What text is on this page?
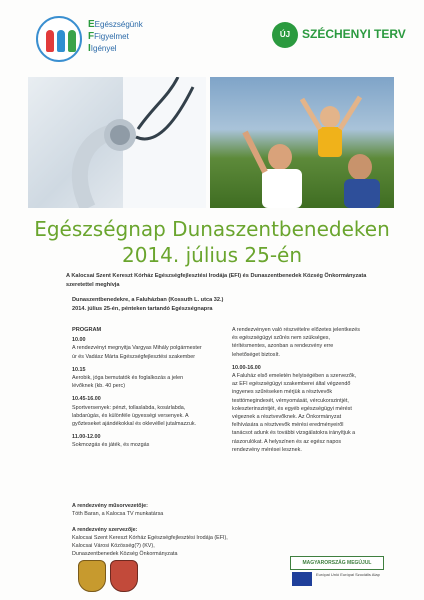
EEgészségünk
FFigyelmet
IIgényel
ÚJ SZÉCHENYI TERV
Egészségnap Dunaszentbenedeken
2014. július 25-én
A Kalocsai Szent Kereszt Kórház Egészségfejlesztési Irodája (EFI) és Dunaszentbenedek Község Önkormányzata szeretettel meghívja
Dunaszentbenedekre, a Faluházban (Kossuth L. utca 32.)
2014. július 25-én, pénteken tartandó Egészségnapra
PROGRAM
10.00
A rendezvényt megnyitja Vargyas Mihály polgármester úr és Vadász Márta Egészségfejlesztési szakember
10.15
Aerobik, jóga bemutatók és foglalkozás a jelen lévőknek (kb. 40 perc)
10.45-16.00
Sportversenyek: pénzt, tollaslabda, kosárlabda, labdarúgás, és különféle ügyességi versenyek. A győzteseket ajándékokkal és oklevéllel jutalmazzuk.
11.00-12.00
Sokmozgás és játék, és mozgás
A rendezvényen való részvételre előzetes jelentkezés és egészségügyi szűrés nem szükséges, térítésmentes, azonban a rendezvény erre lehetőséget biztosít.
10.00-16.00
A Faluház első emeletén helyiségében a szervezők, az EFI egészségügyi szakemberei által végzendő ingyenes szűréseken mérjük a résztvevők testtömegindexét, vérnyomását, vércukorszintjét, koleszterinszintjét, és egyéb egészségügyi mérést végeznek a résztvevőknek. Az Önkormányzat felhívására a résztvevők mérési eredményeiről tanácsot adunk és további vizsgálatokra irányítjuk a rászorulókat. A helyszínen és az egész napos rendezvény mérései lesznek.
A rendezvény műsorvezetője:
Tóth Baran, a Kalocsa TV munkatársa
A rendezvény szervezője:
Kalocsai Szent Kereszt Kórház Egészségfejlesztési Irodája (EFI),
Kalocsai Városi Közösség(?) (KV),
Dunaszentbenedek Község Önkormányzata
MAGYARORSZÁG MEGÚJUL
Európai Unió Európai Szociális Alap
